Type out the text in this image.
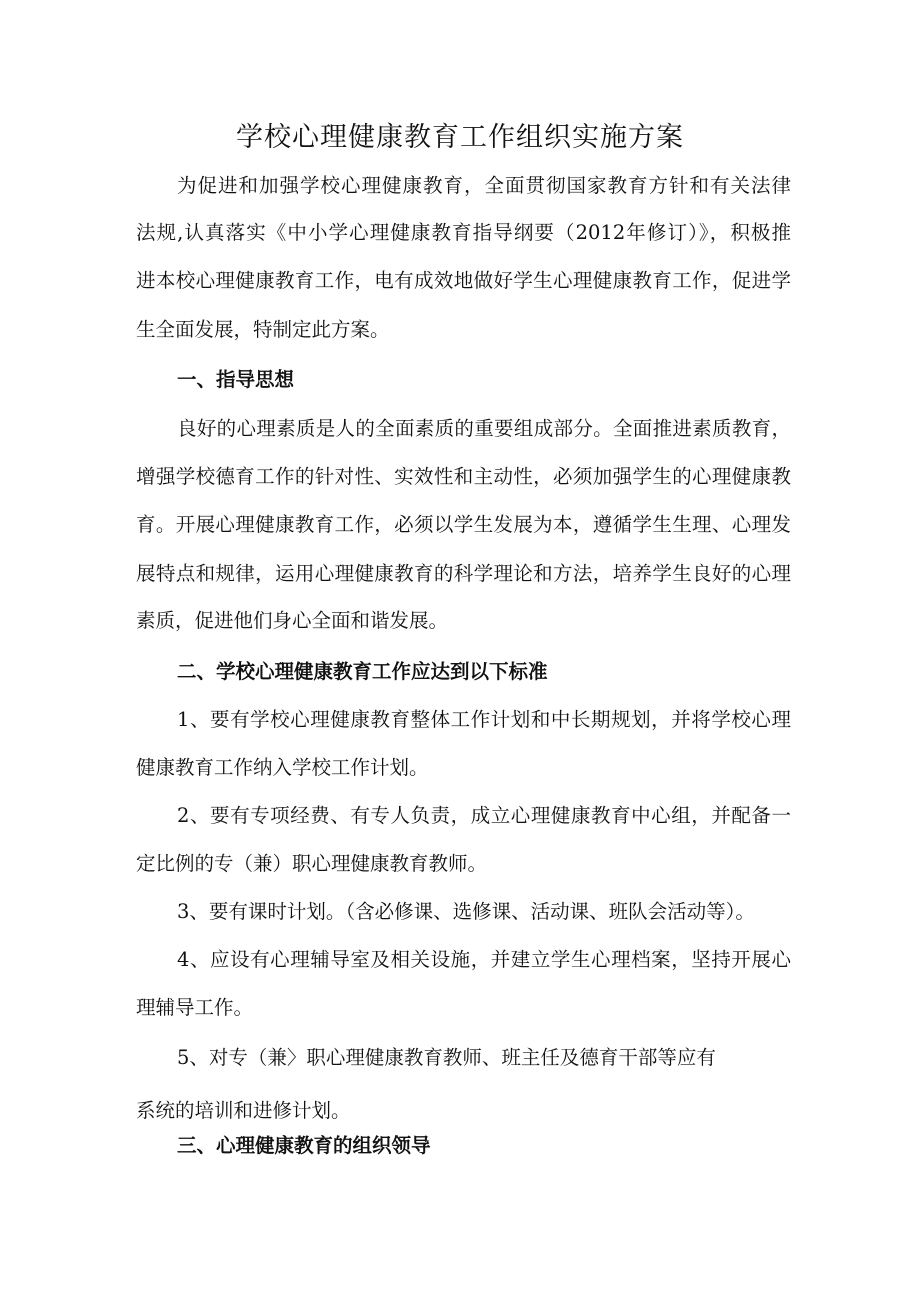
学校心理健康教育工作组织实施方案
为促进和加强学校心理健康教育，全面贯彻国家教育方针和有关法律
法规,认真落实《中小学心理健康教育指导纲要（2012年修订）》，积极推
进本校心理健康教育工作，电有成效地做好学生心理健康教育工作，促进学
生全面发展，特制定此方案。
一、指导思想
良好的心理素质是人的全面素质的重要组成部分。全面推进素质教育，
增强学校德育工作的针对性、实效性和主动性，必须加强学生的心理健康教
育。开展心理健康教育工作，必须以学生发展为本，遵循学生生理、心理发
展特点和规律，运用心理健康教育的科学理论和方法，培养学生良好的心理
素质，促进他们身心全面和谐发展。
二、学校心理健康教育工作应达到以下标准
1、要有学校心理健康教育整体工作计划和中长期规划，并将学校心理
健康教育工作纳入学校工作计划。
2、要有专项经费、有专人负责，成立心理健康教育中心组，并配备一
定比例的专（兼）职心理健康教育教师。
3、要有课时计划。（含必修课、选修课、活动课、班队会活动等）。
4、应设有心理辅导室及相关设施，并建立学生心理档案，坚持开展心
理辅导工作。
5、对专（兼〉职心理健康教育教师、班主任及德育干部等应有
系统的培训和进修计划。
三、心理健康教育的组织领导
